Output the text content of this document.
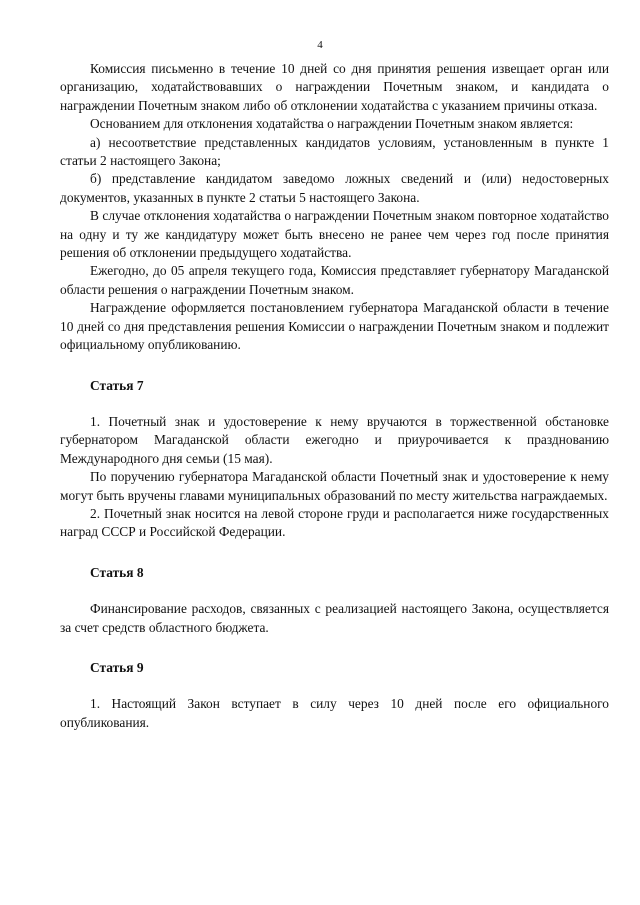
4

Комиссия письменно в течение 10 дней со дня принятия решения извещает орган или организацию, ходатайствовавших о награждении Почетным знаком, и кандидата о награждении Почетным знаком либо об отклонении ходатайства с указанием причины отказа.

Основанием для отклонения ходатайства о награждении Почетным знаком является:

а) несоответствие представленных кандидатов условиям, установленным в пункте 1 статьи 2 настоящего Закона;

б) представление кандидатом заведомо ложных сведений и (или) недостоверных документов, указанных в пункте 2 статьи 5 настоящего Закона.

В случае отклонения ходатайства о награждении Почетным знаком повторное ходатайство на одну и ту же кандидатуру может быть внесено не ранее чем через год после принятия решения об отклонении предыдущего ходатайства.

Ежегодно, до 05 апреля текущего года, Комиссия представляет губернатору Магаданской области решения о награждении Почетным знаком.

Награждение оформляется постановлением губернатора Магаданской области в течение 10 дней со дня представления решения Комиссии о награждении Почетным знаком и подлежит официальному опубликованию.

Статья 7

1. Почетный знак и удостоверение к нему вручаются в торжественной обстановке губернатором Магаданской области ежегодно и приурочивается к празднованию Международного дня семьи (15 мая).

По поручению губернатора Магаданской области Почетный знак и удостоверение к нему могут быть вручены главами муниципальных образований по месту жительства награждаемых.

2. Почетный знак носится на левой стороне груди и располагается ниже государственных наград СССР и Российской Федерации.

Статья 8

Финансирование расходов, связанных с реализацией настоящего Закона, осуществляется за счет средств областного бюджета.

Статья 9

1. Настоящий Закон вступает в силу через 10 дней после его официального опубликования.
